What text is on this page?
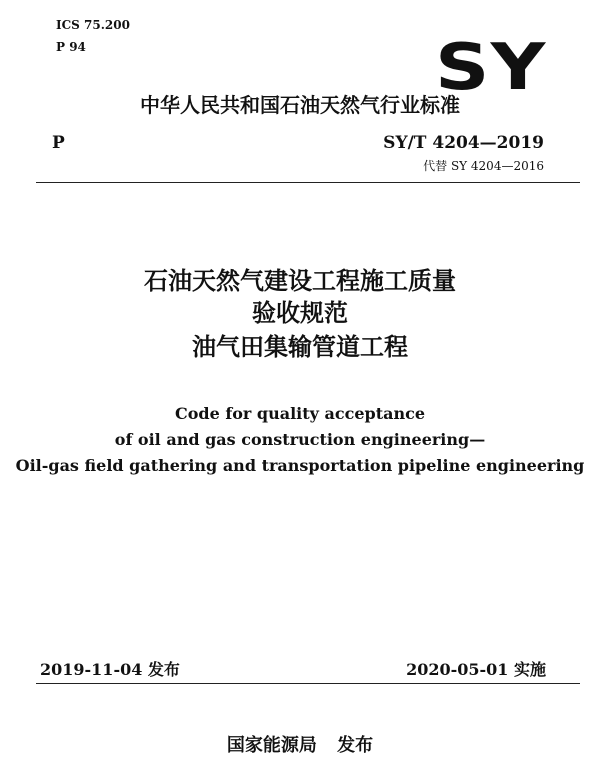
ICS 75.200
P 94	SY
中华人民共和国石油天然气行业标准
P	SY/T 4204—2019
代替 SY 4204—2016
石油天然气建设工程施工质量
验收规范
油气田集输管道工程
Code for quality acceptance
of oil and gas construction engineering—
Oil-gas field gathering and transportation pipeline engineering
2019-11-04 发布	2020-05-01 实施
国家能源局 发布
